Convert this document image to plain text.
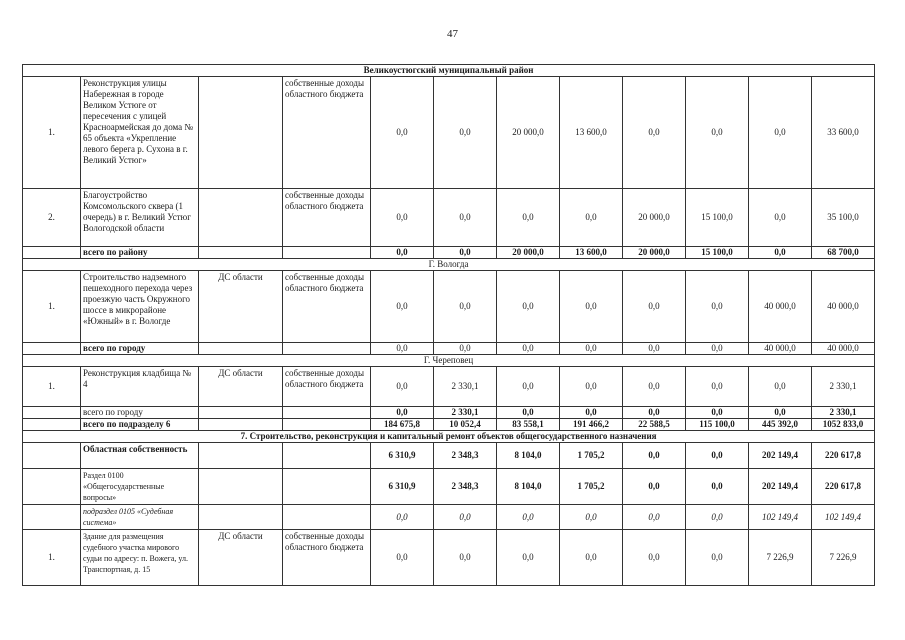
47
Великоустюгский муниципальный район											
1.	Реконструкция улицы Набережная в городе Великом Устюге от пересечения с улицей Красноармейская до дома № 65 объекта «Укрепление левого берега р. Сухона в г. Великий Устюг»		собственные доходы областного бюджета	0,0	0,0	20 000,0	13 600,0	0,0	0,0	0,0	33 600,0
2.	Благоустройство Комсомольского сквера (1 очередь) в г. Великий Устюг Вологодской области		собственные доходы областного бюджета	0,0	0,0	0,0	0,0	20 000,0	15 100,0	0,0	35 100,0
	всего по району			0,0	0,0	20 000,0	13 600,0	20 000,0	15 100,0	0,0	68 700,0
Г. Вологда											
1.	Строительство надземного пешеходного перехода через проезжую часть Окружного шоссе в микрорайоне «Южный» в г. Вологде	ДС области	собственные доходы областного бюджета	0,0	0,0	0,0	0,0	0,0	0,0	40 000,0	40 000,0
	всего по городу			0,0	0,0	0,0	0,0	0,0	0,0	40 000,0	40 000,0
Г. Череповец											
1.	Реконструкция кладбища № 4	ДС области	собственные доходы областного бюджета	0,0	2 330,1	0,0	0,0	0,0	0,0	0,0	2 330,1
	всего по городу			0,0	2 330,1	0,0	0,0	0,0	0,0	0,0	2 330,1
	всего по подразделу 6			184 675,8	10 052,4	83 558,1	191 466,2	22 588,5	115 100,0	445 392,0	1052 833,0
7. Строительство, реконструкция и капитальный ремонт объектов общегосударственного назначения											
	Областная собственность			6 310,9	2 348,3	8 104,0	1 705,2	0,0	0,0	202 149,4	220 617,8
	Раздел 0100 «Общегосударственные вопросы»			6 310,9	2 348,3	8 104,0	1 705,2	0,0	0,0	202 149,4	220 617,8
	подраздел 0105 «Судебная система»			0,0	0,0	0,0	0,0	0,0	0,0	102 149,4	102 149,4
1.	Здание для размещения судебного участка мирового судьи по адресу: п. Вожега, ул. Транспортная, д. 15	ДС области	собственные доходы областного бюджета	0,0	0,0	0,0	0,0	0,0	0,0	7 226,9	7 226,9
